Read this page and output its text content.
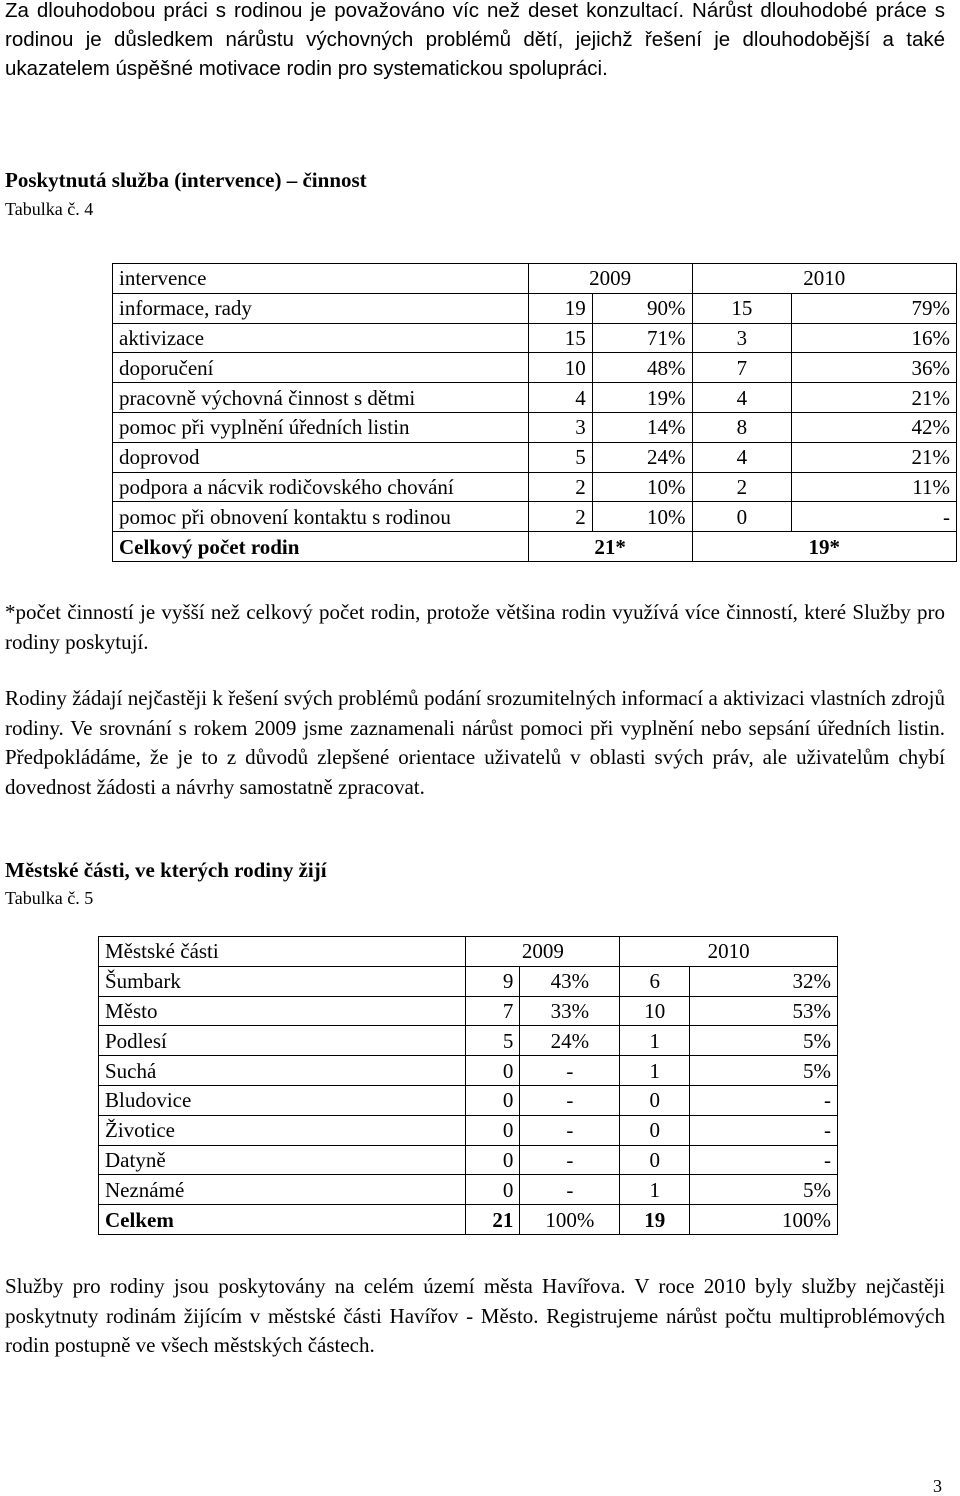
Za dlouhodobou práci s rodinou je považováno víc než deset konzultací. Nárůst dlouhodobé práce s rodinou je důsledkem nárůstu výchovných problémů dětí, jejichž řešení je dlouhodobější a také ukazatelem úspěšné motivace rodin pro systematickou spolupráci.

Poskytnutá služba (intervence) – činnost

Tabulka č. 4

intervence	2009		2010	
informace, rady	19	90%	15	79%
aktivizace	15	71%	3	16%
doporučení	10	48%	7	36%
pracovně výchovná činnost s dětmi	4	19%	4	21%
pomoc při vyplnění úředních listin	3	14%	8	42%
doprovod	5	24%	4	21%
podpora a nácvik rodičovského chování	2	10%	2	11%
pomoc při obnovení kontaktu s rodinou	2	10%	0	-
Celkový počet rodin	21*		19*	

*počet činností je vyšší než celkový počet rodin, protože většina rodin využívá více činností, které Služby pro rodiny poskytují.

Rodiny žádají nejčastěji k řešení svých problémů podání srozumitelných informací a aktivizaci vlastních zdrojů rodiny. Ve srovnání s rokem 2009 jsme zaznamenali nárůst pomoci při vyplnění nebo sepsání úředních listin. Předpokládáme, že je to z důvodů zlepšené orientace uživatelů v oblasti svých práv, ale uživatelům chybí dovednost žádosti a návrhy samostatně zpracovat.

Městské části, ve kterých rodiny žijí

Tabulka č. 5

Městské části	2009		2010	
Šumbark	9	43%	6	32%
Město	7	33%	10	53%
Podlesí	5	24%	1	5%
Suchá	0	-	1	5%
Bludovice	0	-	0	-
Životice	0	-	0	-
Datyně	0	-	0	-
Neznámé	0	-	1	5%
Celkem	21	100%	19	100%

Služby pro rodiny jsou poskytovány na celém území města Havířova. V roce 2010 byly služby nejčastěji poskytnuty rodinám žijícím v městské části Havířov - Město. Registrujeme nárůst počtu multiproblémových rodin postupně ve všech městských částech.

3
